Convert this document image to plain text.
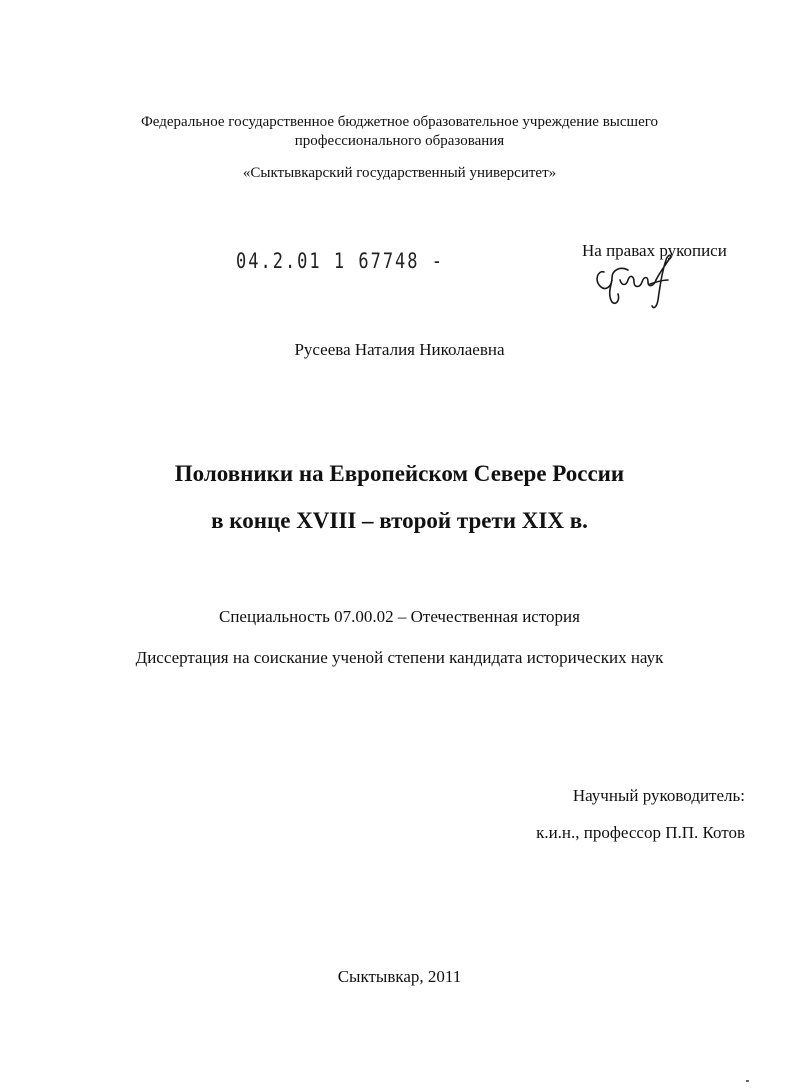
Федеральное государственное бюджетное образовательное учреждение высшего
профессионального образования
«Сыктывкарский государственный университет»
04.2.01 1 67748 -	На правах рукописи
Русеева Наталия Николаевна
Половники на Европейском Севере России
в конце XVIII – второй трети XIX в.
Специальность 07.00.02 – Отечественная история
Диссертация на соискание ученой степени кандидата исторических наук
Научный руководитель:
к.и.н., профессор П.П. Котов
Сыктывкар, 2011
